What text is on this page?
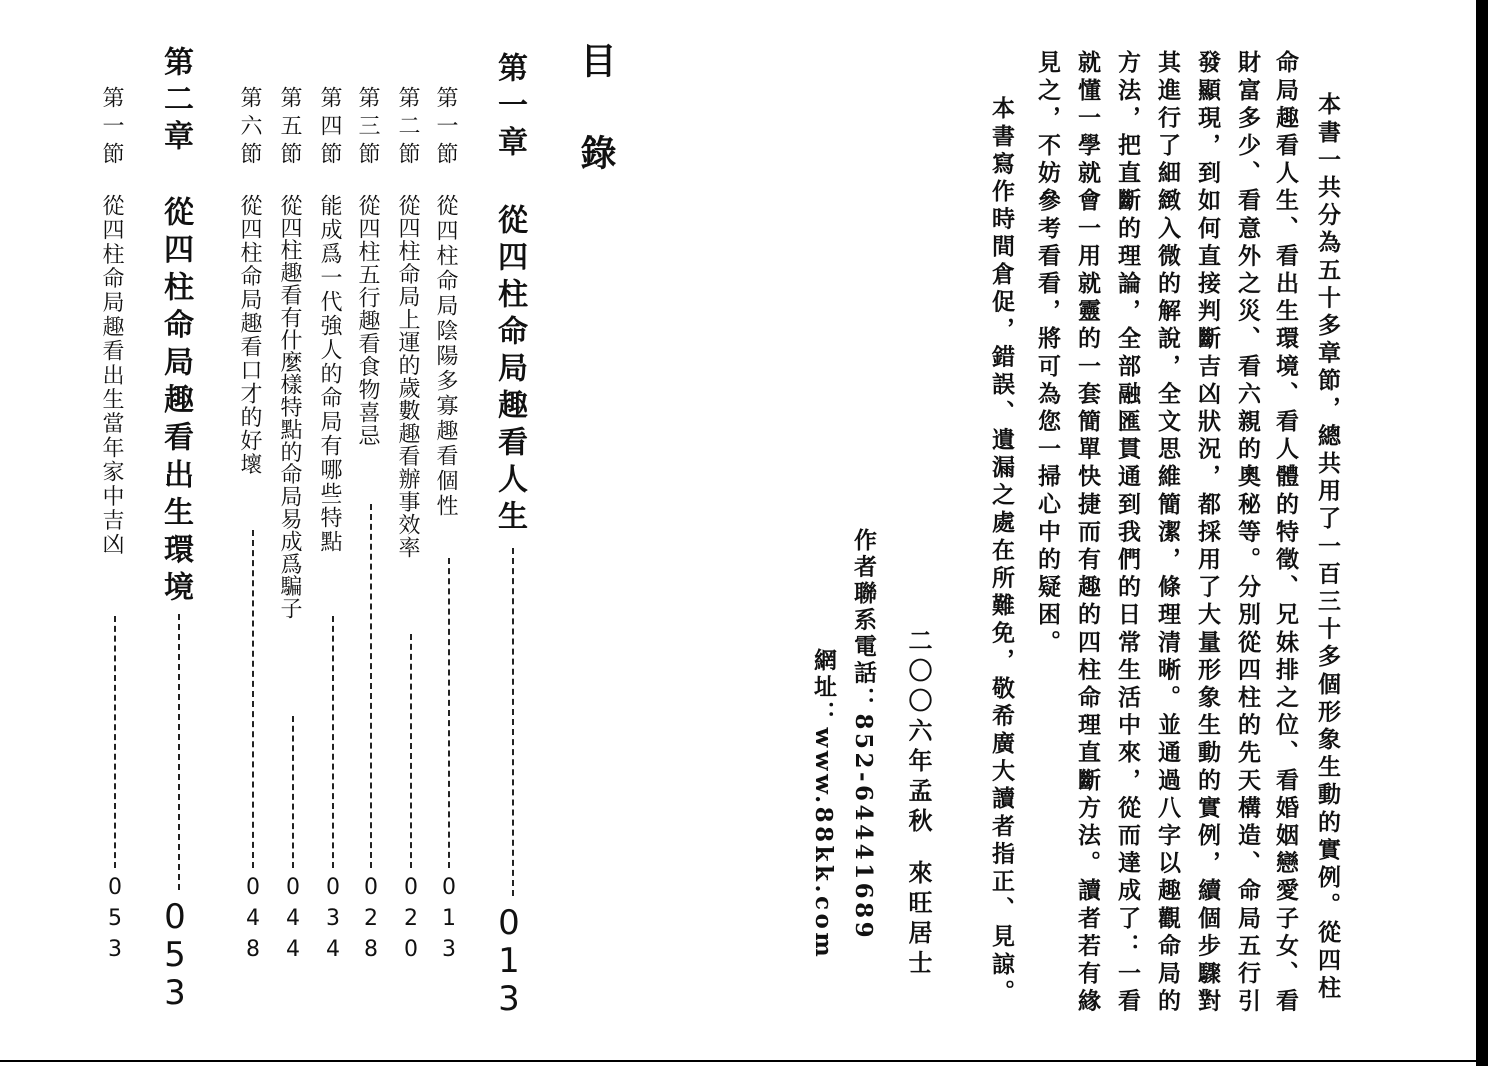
本書一共分為五十多章節，總共用了一百三十多個形象生動的實例。從四柱
命局趣看人生、看出生環境、看人體的特徵、兄妹排之位、看婚姻戀愛子女、看
財富多少、看意外之災、看六親的奧秘等。分別從四柱的先天構造、命局五行引
發顯現，到如何直接判斷吉凶狀況，都採用了大量形象生動的實例，續個步驟對
其進行了細緻入微的解說，全文思維簡潔，條理清晰。並通過八字以趣觀命局的
方法，把直斷的理論，全部融匯貫通到我們的日常生活中來，從而達成了：一看
就懂一學就會一用就靈的一套簡單快捷而有趣的四柱命理直斷方法。讀者若有緣
見之，不妨參考看看，將可為您一掃心中的疑困。
本書寫作時間倉促，錯誤、遺漏之處在所難免，敬希廣大讀者指正、見諒。
二〇〇六年孟秋
來旺居士
作者聯系電話：852-64441689
網址：www.88kk.com
目錄
第一章
從四柱命局趣看人生
0
1
3
第一節
從四柱命局陰陽多寡趣看個性
0
1
3
第二節
從四柱命局上運的歲數趣看辦事效率
0
2
0
第三節
從四柱五行趣看食物喜忌
0
2
8
第四節
能成爲一代強人的命局有哪些特點
0
3
4
第五節
從四柱趣看有什麼樣特點的命局易成爲騙子
0
4
4
第六節
從四柱命局趣看口才的好壞
0
4
8
第二章
從四柱命局趣看出生環境
0
5
3
第一節
從四柱命局趣看出生當年家中吉凶
0
5
3
